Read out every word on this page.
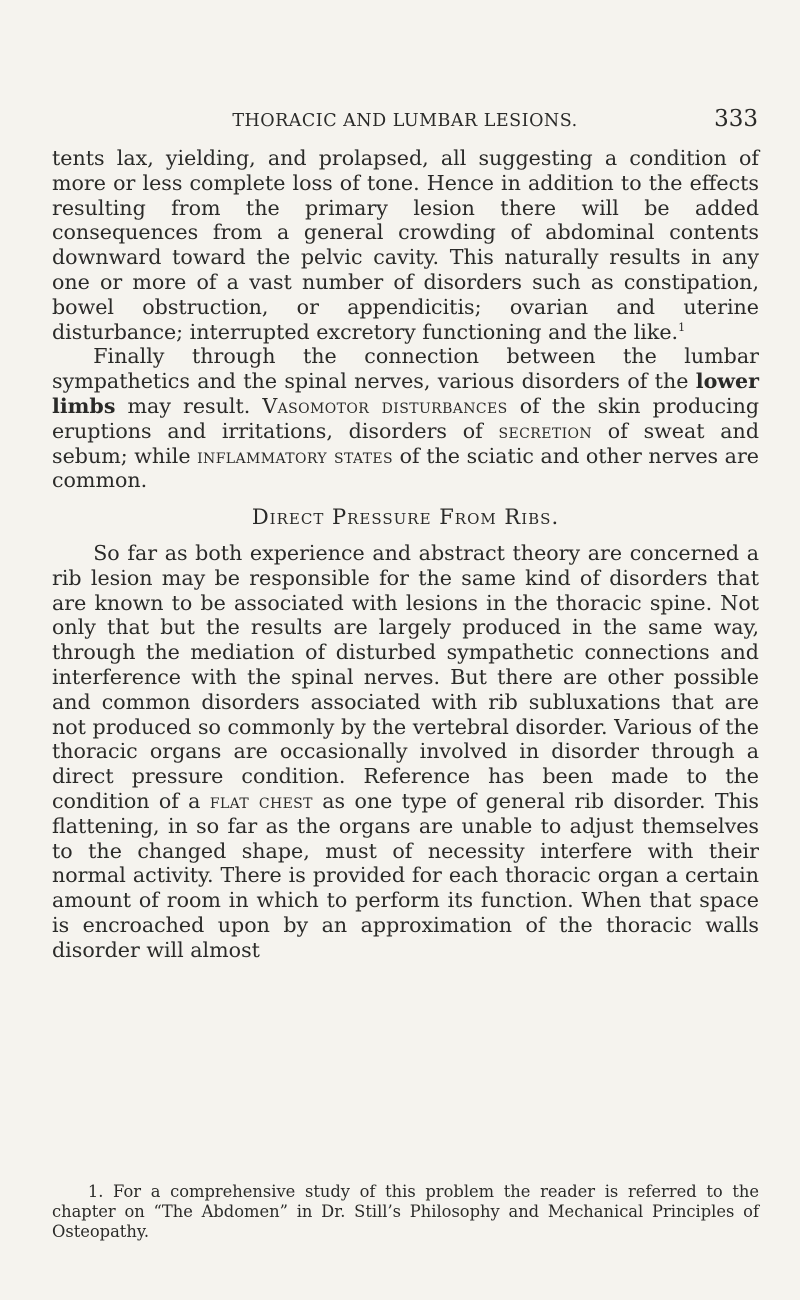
THORACIC AND LUMBAR LESIONS.	333

tents lax, yielding, and prolapsed, all suggesting a condition of more or less complete loss of tone. Hence in addition to the effects resulting from the primary lesion there will be added consequences from a general crowding of abdominal contents downward toward the pelvic cavity. This naturally results in any one or more of a vast number of disorders such as constipation, bowel obstruction, or appendicitis; ovarian and uterine disturbance; interrupted excretory functioning and the like.$^1$

Finally through the connection between the lumbar sympathetics and the spinal nerves, various disorders of the lower limbs may result. Vasomotor disturbances of the skin producing eruptions and irritations, disorders of secretion of sweat and sebum; while inflammatory states of the sciatic and other nerves are common.

Direct Pressure From Ribs.

So far as both experience and abstract theory are concerned a rib lesion may be responsible for the same kind of disorders that are known to be associated with lesions in the thoracic spine. Not only that but the results are largely produced in the same way, through the mediation of disturbed sympathetic connections and interference with the spinal nerves. But there are other possible and common disorders associated with rib subluxations that are not produced so commonly by the vertebral disorder. Various of the thoracic organs are occasionally involved in disorder through a direct pressure condition. Reference has been made to the condition of a flat chest as one type of general rib disorder. This flattening, in so far as the organs are unable to adjust themselves to the changed shape, must of necessity interfere with their normal activity. There is provided for each thoracic organ a certain amount of room in which to perform its function. When that space is encroached upon by an approximation of the thoracic walls disorder will almost

1. For a comprehensive study of this problem the reader is referred to the chapter on “The Abdomen” in Dr. Still’s Philosophy and Mechanical Principles of Osteopathy.
